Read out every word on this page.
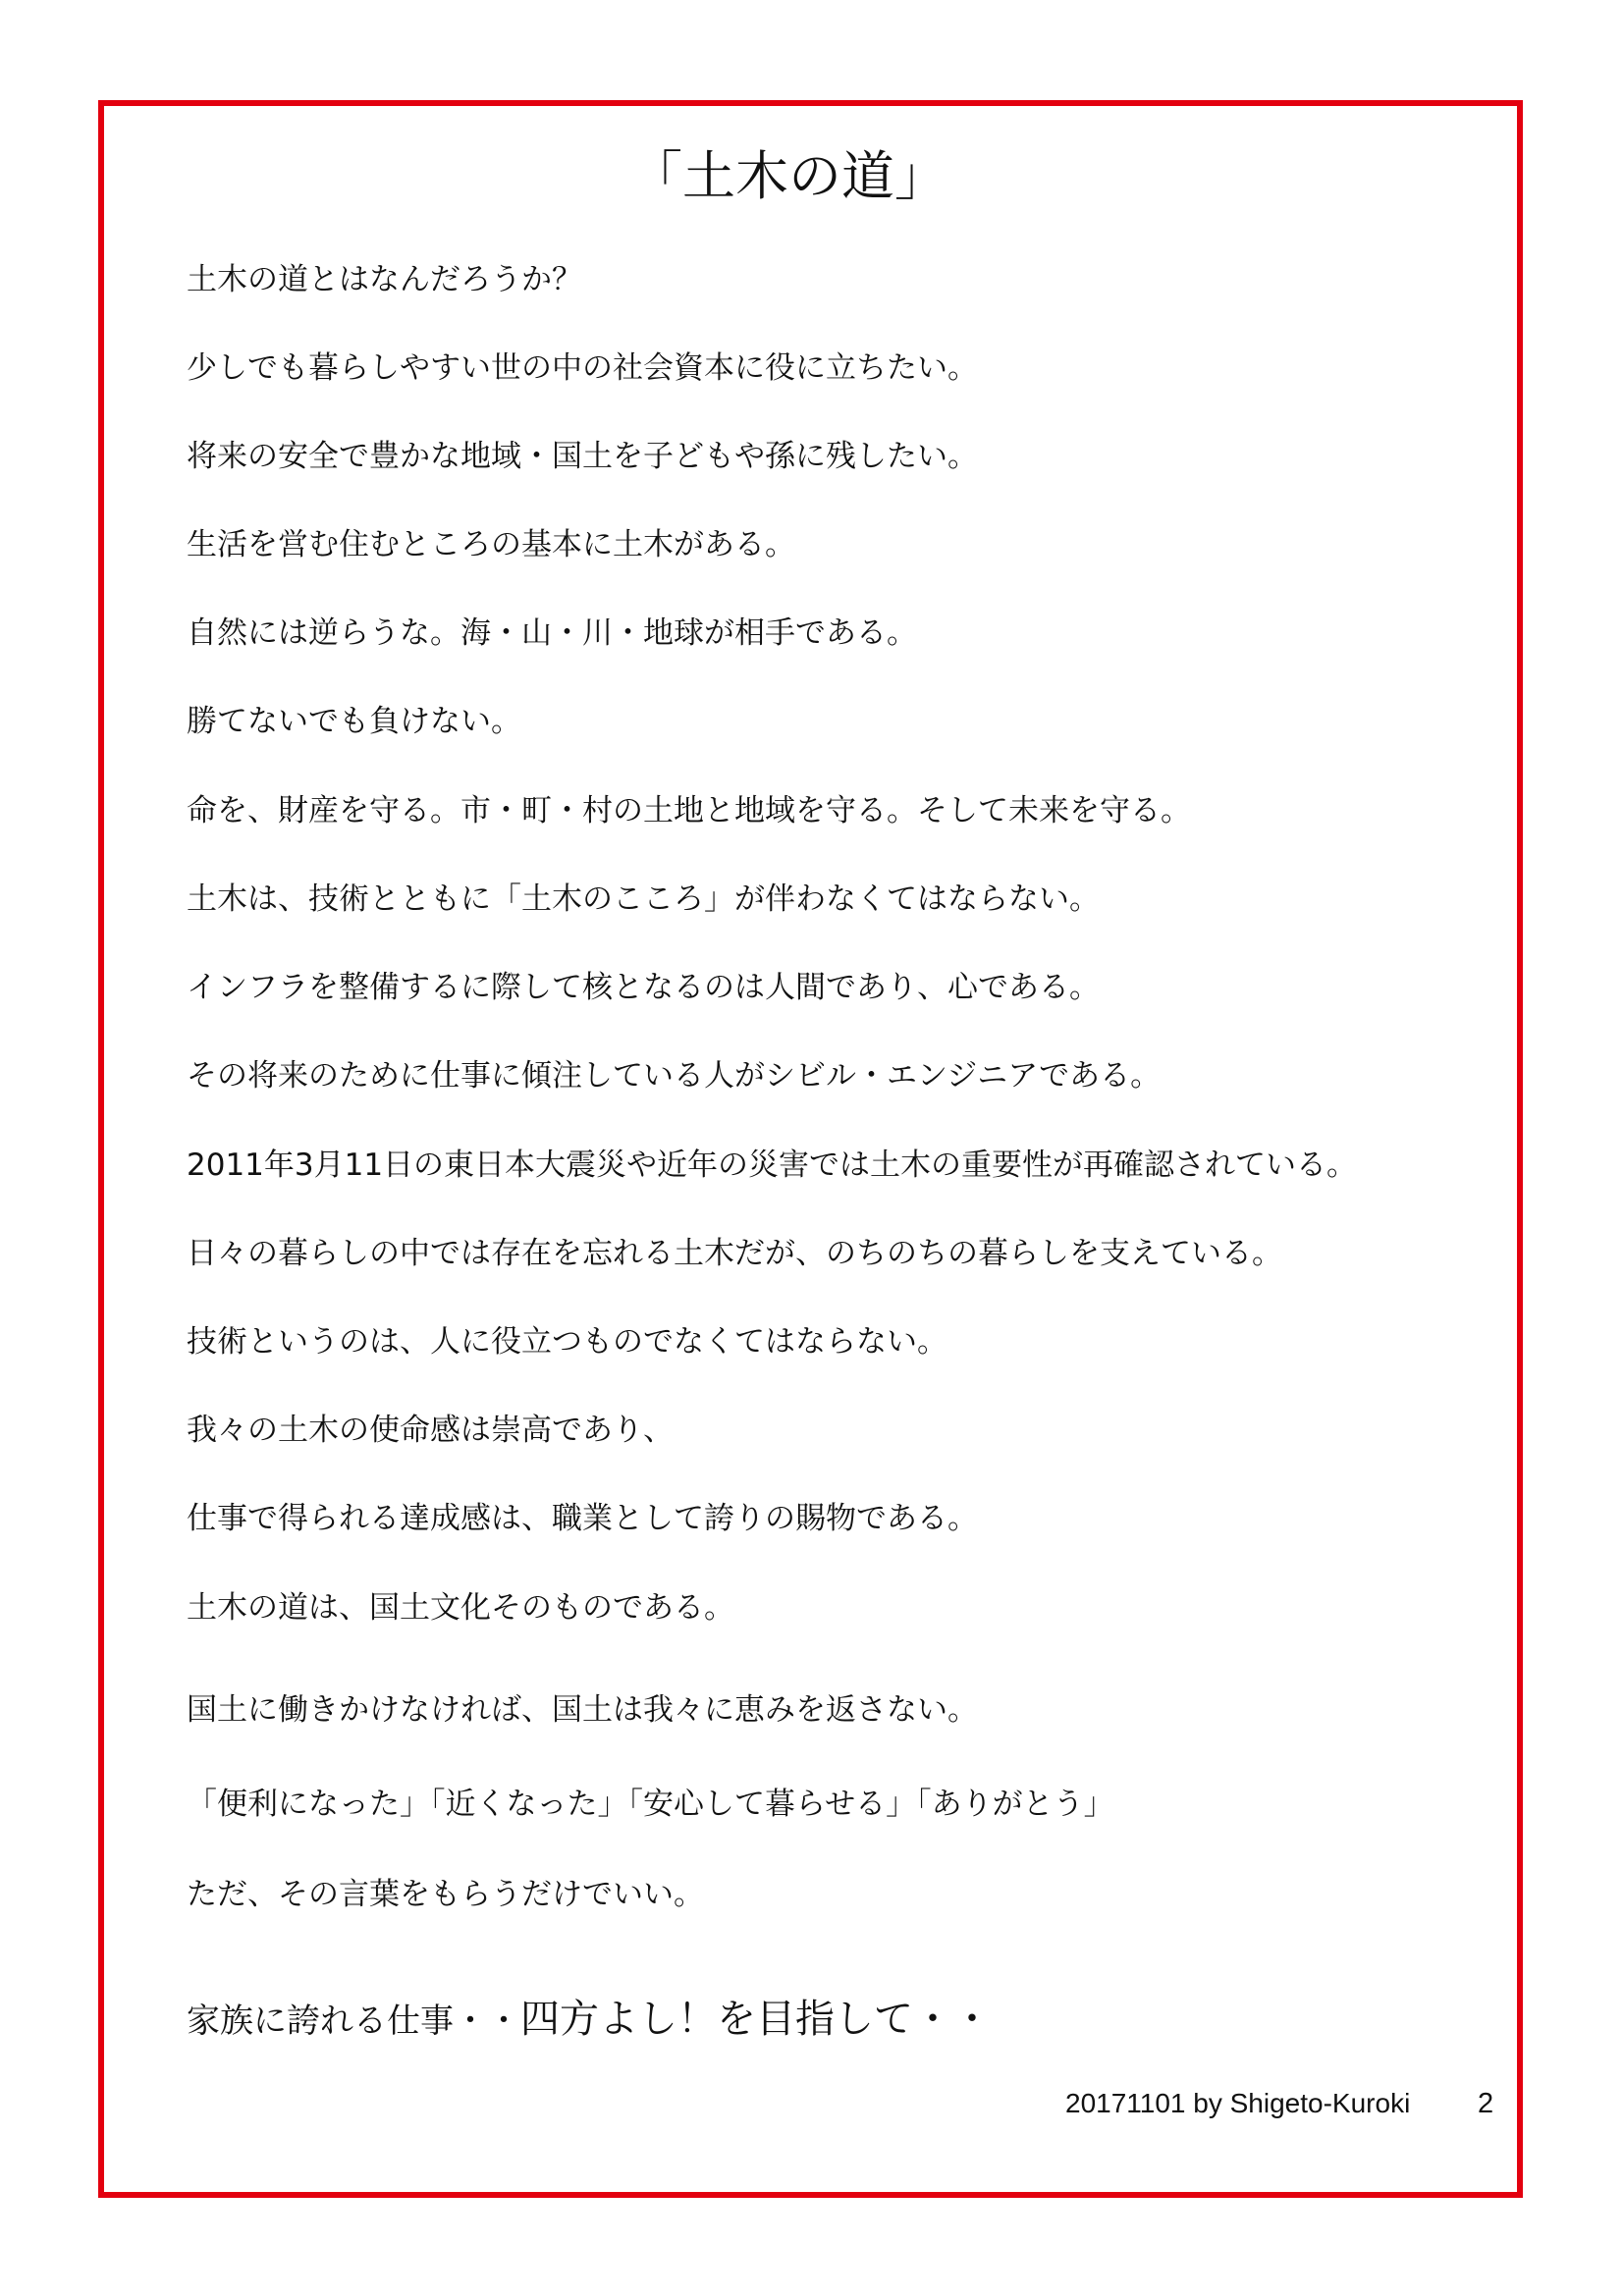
「土木の道」
土木の道とはなんだろうか？
少しでも暮らしやすい世の中の社会資本に役に立ちたい。
将来の安全で豊かな地域・国土を子どもや孫に残したい。
生活を営む住むところの基本に土木がある。
自然には逆らうな。海・山・川・地球が相手である。
勝てないでも負けない。
命を、財産を守る。市・町・村の土地と地域を守る。そして未来を守る。
土木は、技術とともに「土木のこころ」が伴わなくてはならない。
インフラを整備するに際して核となるのは人間であり、心である。
その将来のために仕事に傾注している人がシビル・エンジニアである。
2011年3月11日の東日本大震災や近年の災害では土木の重要性が再確認されている。
日々の暮らしの中では存在を忘れる土木だが、のちのちの暮らしを支えている。
技術というのは、人に役立つものでなくてはならない。
我々の土木の使命感は崇高であり、
仕事で得られる達成感は、職業として誇りの賜物である。
土木の道は、国土文化そのものである。
国土に働きかけなければ、国土は我々に恵みを返さない。
「便利になった」「近くなった」「安心して暮らせる」「ありがとう」
ただ、その言葉をもらうだけでいい。
家族に誇れる仕事・・四方よし！を目指して・・
20171101 by Shigeto-Kuroki 2
